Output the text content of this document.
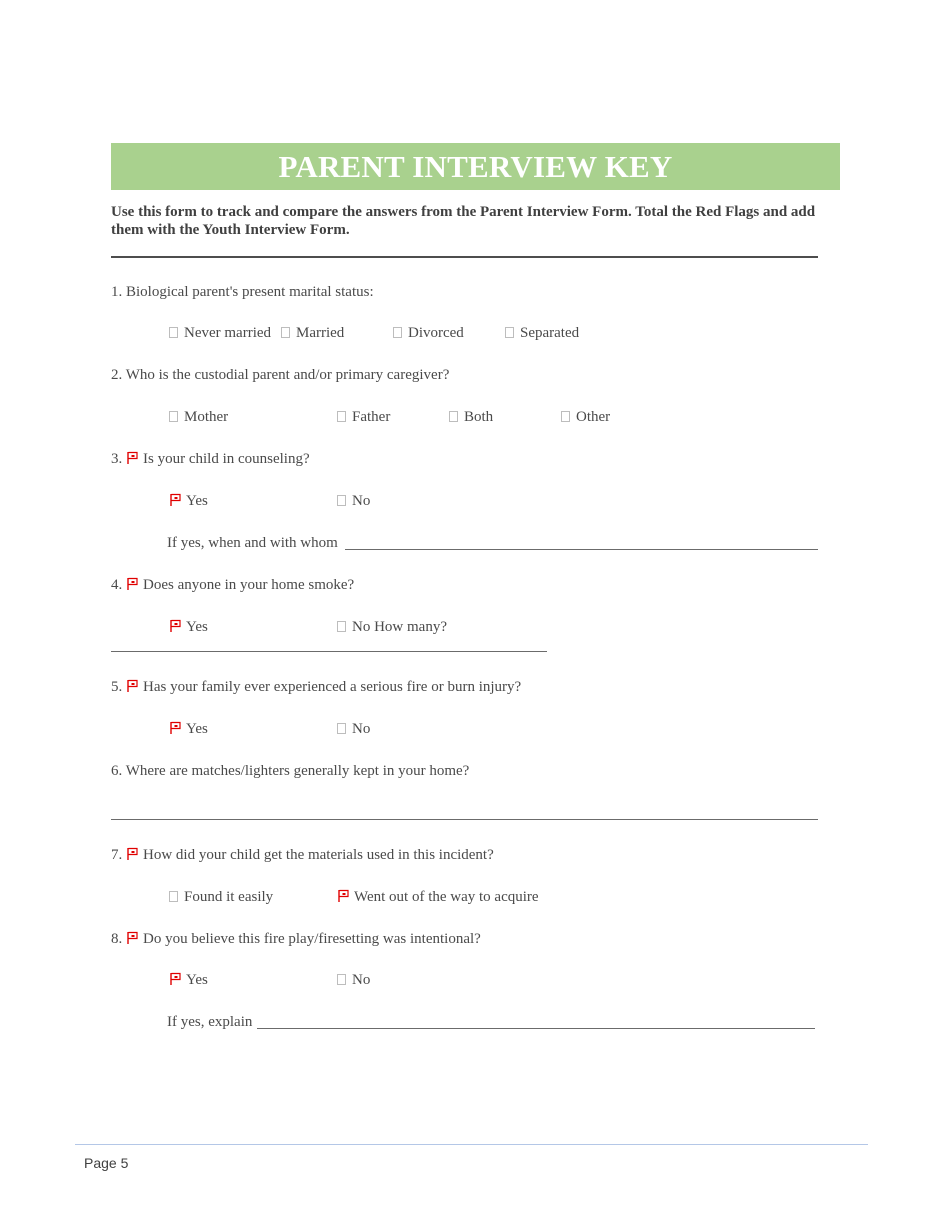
PARENT INTERVIEW KEY
Use this form to track and compare the answers from the Parent Interview Form. Total the Red Flags and add them with the Youth Interview Form.
1. Biological parent's present marital status:
Never married	Married	Divorced	Separated
2. Who is the custodial parent and/or primary caregiver?
Mother	Father	Both	Other
3. Is your child in counseling?
Yes	No
If yes, when and with whom
4. Does anyone in your home smoke?
Yes	No How many?
5. Has your family ever experienced a serious fire or burn injury?
Yes	No
6. Where are matches/lighters generally kept in your home?
7. How did your child get the materials used in this incident?
Found it easily	Went out of the way to acquire
8. Do you believe this fire play/firesetting was intentional?
Yes	No
If yes, explain
Page 5
